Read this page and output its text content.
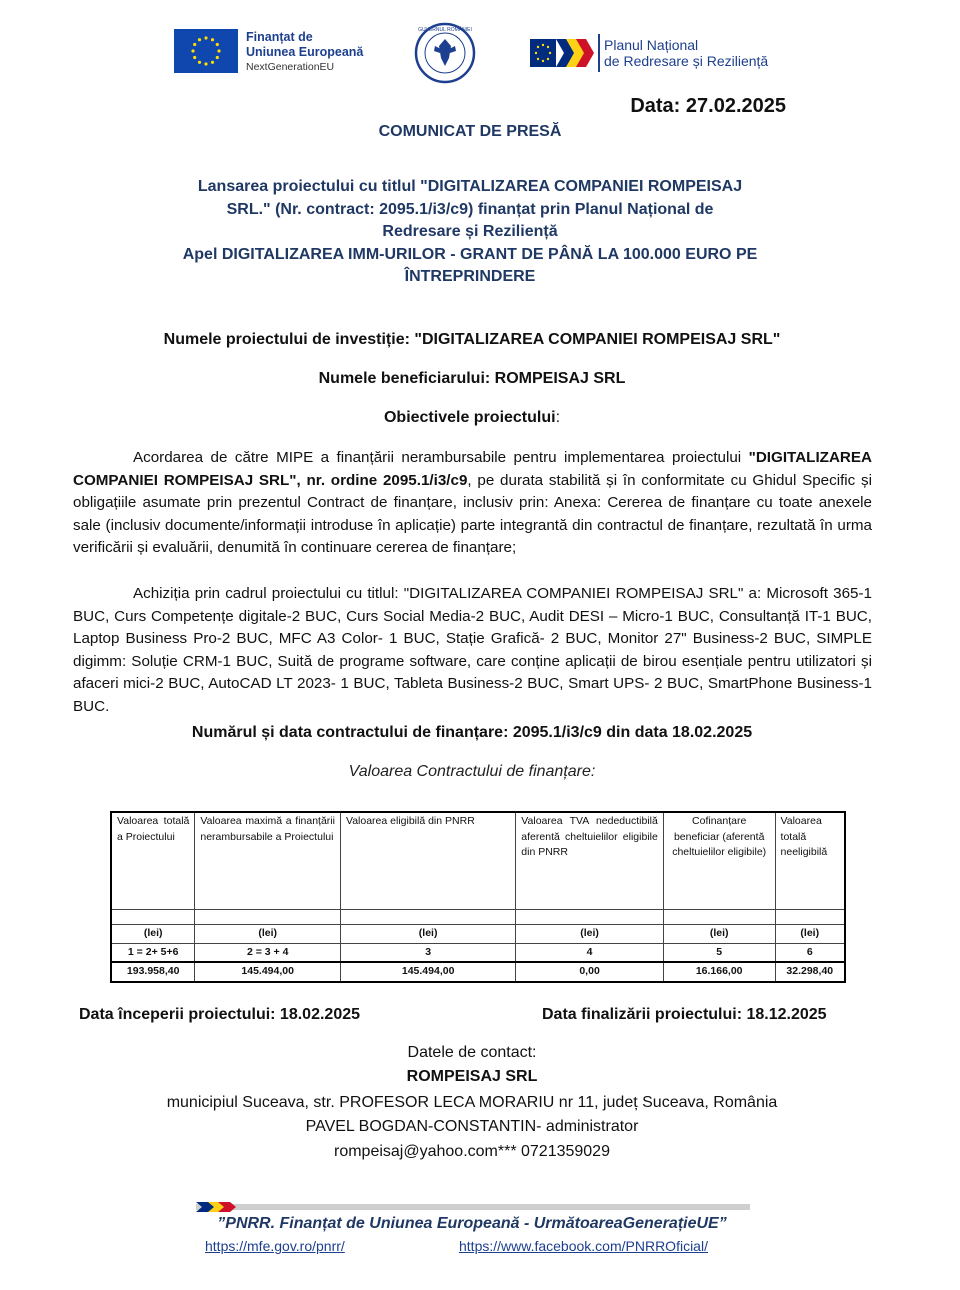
Finanțat de
Uniunea Europeană
NextGenerationEU
GUVERNUL ROMÂNIEI
Planul Național
de Redresare și Reziliență
Data: 27.02.2025
COMUNICAT DE PRESĂ
Lansarea proiectului cu titlul "DIGITALIZAREA COMPANIEI ROMPEISAJ
SRL." (Nr. contract: 2095.1/i3/c9) finanțat prin Planul Național de
Redresare și Reziliență
Apel DIGITALIZAREA IMM-URILOR - GRANT DE PÂNĂ LA 100.000 EURO PE
ÎNTREPRINDERE
Numele proiectului de investiție: "DIGITALIZAREA COMPANIEI ROMPEISAJ SRL"
Numele beneficiarului: ROMPEISAJ SRL
Obiectivele proiectului:
Acordarea de către MIPE a finanțării nerambursabile pentru implementarea proiectului "DIGITALIZAREA COMPANIEI ROMPEISAJ SRL", nr. ordine 2095.1/i3/c9, pe durata stabilită și în conformitate cu Ghidul Specific și obligațiile asumate prin prezentul Contract de finanțare, inclusiv prin: Anexa: Cererea de finanțare cu toate anexele sale (inclusiv documente/informații introduse în aplicație) parte integrantă din contractul de finanțare, rezultată în urma verificării și evaluării, denumită în continuare cererea de finanțare;
Achiziția prin cadrul proiectului cu titlul: "DIGITALIZAREA COMPANIEI ROMPEISAJ SRL" a: Microsoft 365-1 BUC, Curs Competențe digitale-2 BUC, Curs Social Media-2 BUC, Audit DESI – Micro-1 BUC, Consultanță IT-1 BUC, Laptop Business Pro-2 BUC, MFC A3 Color- 1 BUC, Stație Grafică- 2 BUC, Monitor 27" Business-2 BUC, SIMPLE digimm: Soluție CRM-1 BUC, Suită de programe software, care conține aplicații de birou esențiale pentru utilizatori și afaceri mici-2 BUC, AutoCAD LT 2023- 1 BUC, Tableta Business-2 BUC, Smart UPS- 2 BUC, SmartPhone Business-1 BUC.
Numărul și data contractului de finanțare: 2095.1/i3/c9 din data 18.02.2025
Valoarea Contractului de finanțare:
Valoarea totală a Proiectului	Valoarea maximă a finanțării nerambursabile a Proiectului	Valoarea eligibilă din PNRR	Valoarea TVA nedeductibilă aferentă cheltuielilor eligibile din PNRR	Cofinanțare beneficiar (aferentă cheltuielilor eligibile)	Valoarea totală neeligibilă

(lei)	(lei)	(lei)	(lei)	(lei)	(lei)
1 = 2+ 5+6	2 = 3 + 4	3	4	5	6
193.958,40	145.494,00	145.494,00	0,00	16.166,00	32.298,40
Data începerii proiectului: 18.02.2025	Data finalizării proiectului: 18.12.2025
Datele de contact:
ROMPEISAJ SRL
municipiul Suceava, str. PROFESOR LECA MORARIU nr 11, județ Suceava, România
PAVEL BOGDAN-CONSTANTIN- administrator
rompeisaj@yahoo.com*** 0721359029
”PNRR. Finanțat de Uniunea Europeană - UrmătoareaGenerațieUE”
https://mfe.gov.ro/pnrr/	https://www.facebook.com/PNRROficial/
